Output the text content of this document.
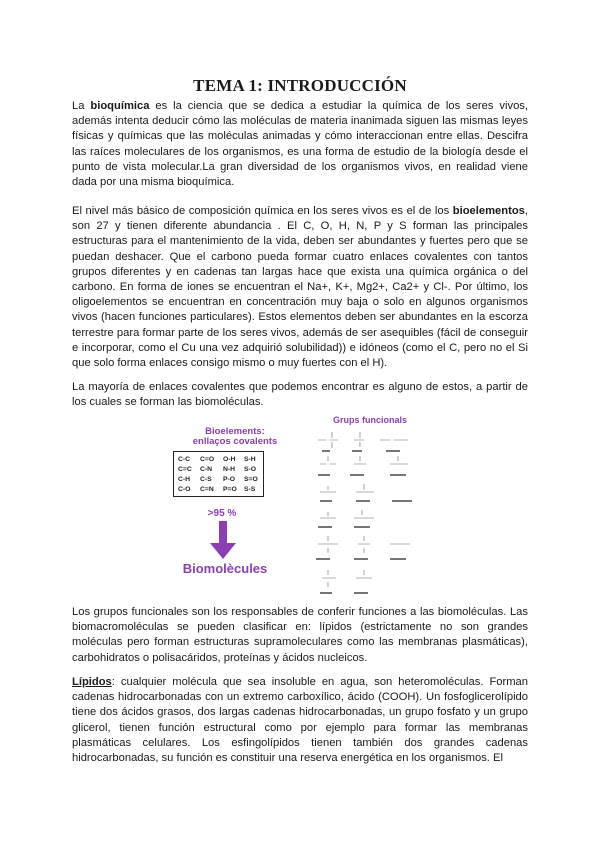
TEMA 1: INTRODUCCIÓN

La bioquímica es la ciencia que se dedica a estudiar la química de los seres vivos, además intenta deducir cómo las moléculas de materia inanimada siguen las mismas leyes físicas y químicas que las moléculas animadas y cómo interaccionan entre ellas. Descifra las raíces moleculares de los organismos, es una forma de estudio de la biología desde el punto de vista molecular.La gran diversidad de los organismos vivos, en realidad viene dada por una misma bioquímica.

El nivel más básico de composición química en los seres vivos es el de los bioelementos, son 27 y tienen diferente abundancia . El C, O, H, N, P y S forman las principales estructuras para el mantenimiento de la vida, deben ser abundantes y fuertes pero que se puedan deshacer. Que el carbono pueda formar cuatro enlaces covalentes con tantos grupos diferentes y en cadenas tan largas hace que exista una química orgánica o del carbono. En forma de iones se encuentran el Na+, K+, Mg2+, Ca2+ y Cl-. Por último, los oligoelementos se encuentran en concentración muy baja o solo en algunos organismos vivos (hacen funciones particulares). Estos elementos deben ser abundantes en la escorza terrestre para formar parte de los seres vivos, además de ser asequibles (fácil de conseguir e incorporar, como el Cu una vez adquirió solubilidad)) e idóneos (como el C, pero no el Si que solo forma enlaces consigo mismo o muy fuertes con el H).

La mayoría de enlaces covalentes que podemos encontrar es alguno de estos, a partir de los cuales se forman las biomoléculas.

Bioelements:
enllaços covalents
C-C C=O O-H S-H
C=C C-N N-H S-O
C-H C-S P-O S=O
C-O C=N P=O S-S
>95 %
Biomolècules
Grups funcionals

Los grupos funcionales son los responsables de conferir funciones a las biomoléculas. Las biomacromoléculas se pueden clasificar en: lípidos (estrictamente no son grandes moléculas pero forman estructuras supramoleculares como las membranas plasmáticas), carbohidratos o polisacáridos, proteínas y ácidos nucleicos.

Lípidos: cualquier molécula que sea insoluble en agua, son heteromoléculas. Forman cadenas hidrocarbonadas con un extremo carboxílico, ácido (COOH). Un fosfoglicerolípido tiene dos ácidos grasos, dos largas cadenas hidrocarbonadas, un grupo fosfato y un grupo glicerol, tienen función estructural como por ejemplo para formar las membranas plasmáticas celulares. Los esfingolípidos tienen también dos grandes cadenas hidrocarbonadas, su función es constituir una reserva energética en los organismos. El
